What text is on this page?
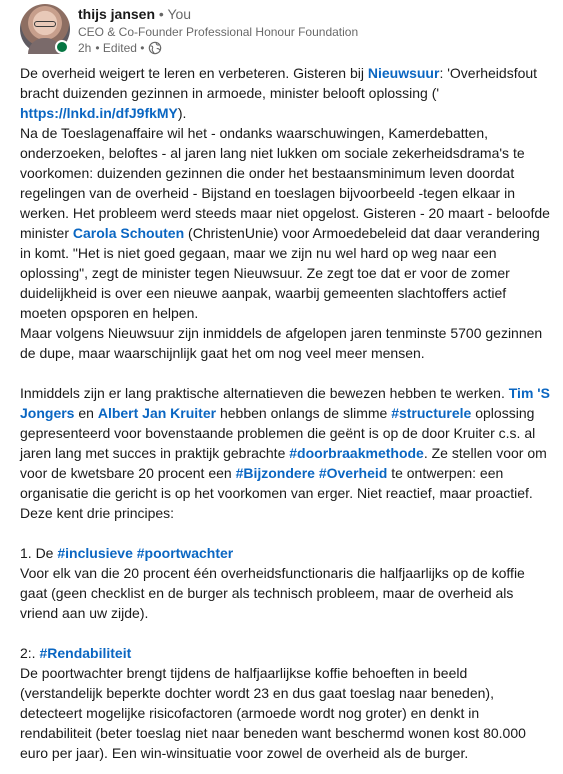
thijs jansen • You
CEO & Co-Founder Professional Honour Foundation
2h • Edited •

De overheid weigert te leren en verbeteren. Gisteren bij Nieuwsuur: 'Overheidsfout bracht duizenden gezinnen in armoede, minister belooft oplossing (' https://lnkd.in/dfJ9fkMY).

Na de Toeslagenaffaire wil het - ondanks waarschuwingen, Kamerdebatten, onderzoeken, beloftes - al jaren lang niet lukken om sociale zekerheidsdrama's te voorkomen: duizenden gezinnen die onder het bestaansminimum leven doordat regelingen van de overheid - Bijstand en toeslagen bijvoorbeeld -tegen elkaar in werken. Het probleem werd steeds maar niet opgelost. Gisteren - 20 maart - beloofde minister Carola Schouten (ChristenUnie) voor Armoedebeleid dat daar verandering in komt. "Het is niet goed gegaan, maar we zijn nu wel hard op weg naar een oplossing", zegt de minister tegen Nieuwsuur. Ze zegt toe dat er voor de zomer duidelijkheid is over een nieuwe aanpak, waarbij gemeenten slachtoffers actief moeten opsporen en helpen.

Maar volgens Nieuwsuur zijn inmiddels de afgelopen jaren tenminste 5700 gezinnen de dupe, maar waarschijnlijk gaat het om nog veel meer mensen.

Inmiddels zijn er lang praktische alternatieven die bewezen hebben te werken. Tim 'S Jongers en Albert Jan Kruiter hebben onlangs de slimme #structurele oplossing gepresenteerd voor bovenstaande problemen die geënt is op de door Kruiter c.s. al jaren lang met succes in praktijk gebrachte #doorbraakmethode. Ze stellen voor om voor de kwetsbare 20 procent een #Bijzondere #Overheid te ontwerpen: een organisatie die gericht is op het voorkomen van erger. Niet reactief, maar proactief. Deze kent drie principes:

1. De #inclusieve #poortwachter

Voor elk van die 20 procent één overheidsfunctionaris die halfjaarlijks op de koffie gaat (geen checklist en de burger als technisch probleem, maar de overheid als vriend aan uw zijde).

2:. #Rendabiliteit

De poortwachter brengt tijdens de halfjaarlijkse koffie behoeften in beeld (verstandelijk beperkte dochter wordt 23 en dus gaat toeslag naar beneden), detecteert mogelijke risicofactoren (armoede wordt nog groter) en denkt in rendabiliteit (beter toeslag niet naar beneden want beschermd wonen kost 80.000 euro per jaar). Een win-winsituatie voor zowel de overheid als de burger.
